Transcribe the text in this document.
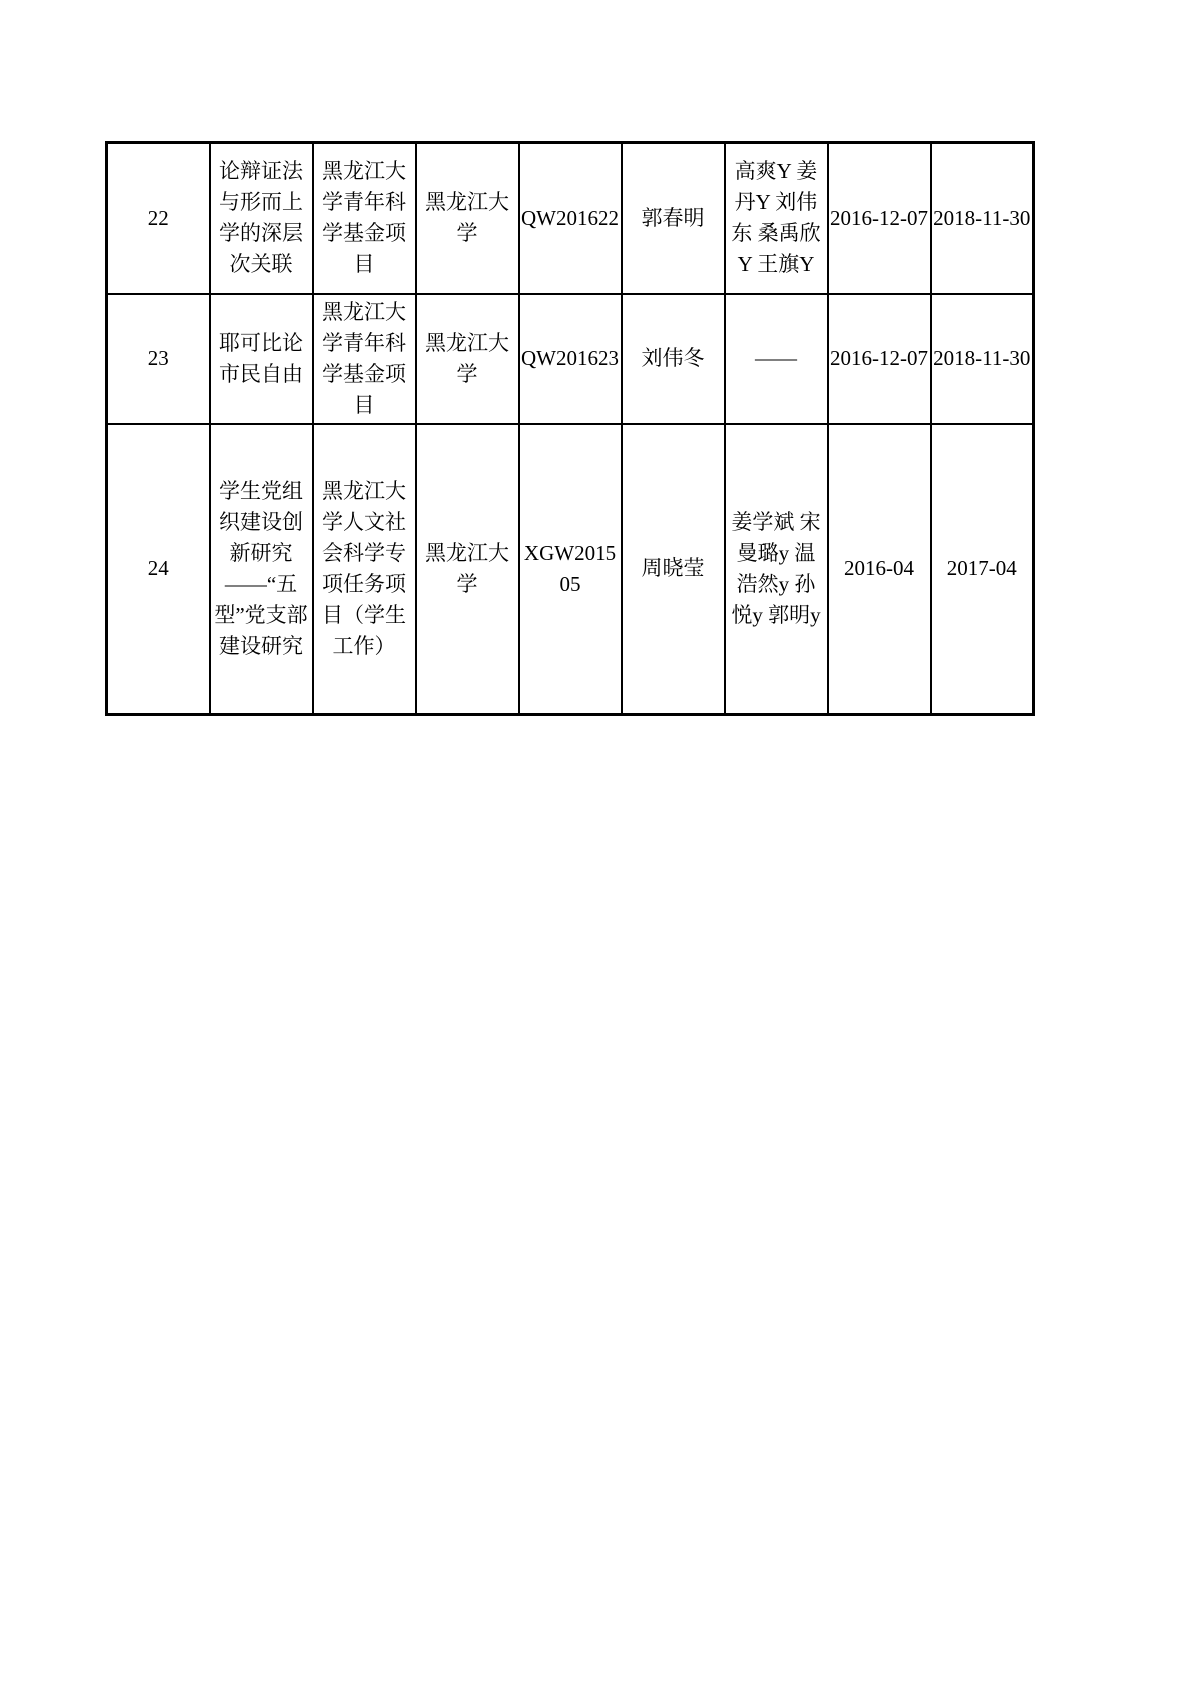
22	论辩证法与形而上学的深层次关联	黑龙江大学青年科学基金项目	黑龙江大学	QW201622	郭春明	高爽Y 姜丹Y 刘伟东 桑禹欣Y 王旗Y	2016-12-07	2018-11-30
23	耶可比论市民自由	黑龙江大学青年科学基金项目	黑龙江大学	QW201623	刘伟冬	——	2016-12-07	2018-11-30
24	学生党组织建设创新研究——“五型”党支部建设研究	黑龙江大学人文社会科学专项任务项目（学生工作）	黑龙江大学	XGW201505	周晓莹	姜学斌 宋曼璐y 温浩然y 孙悦y 郭明y	2016-04	2017-04
